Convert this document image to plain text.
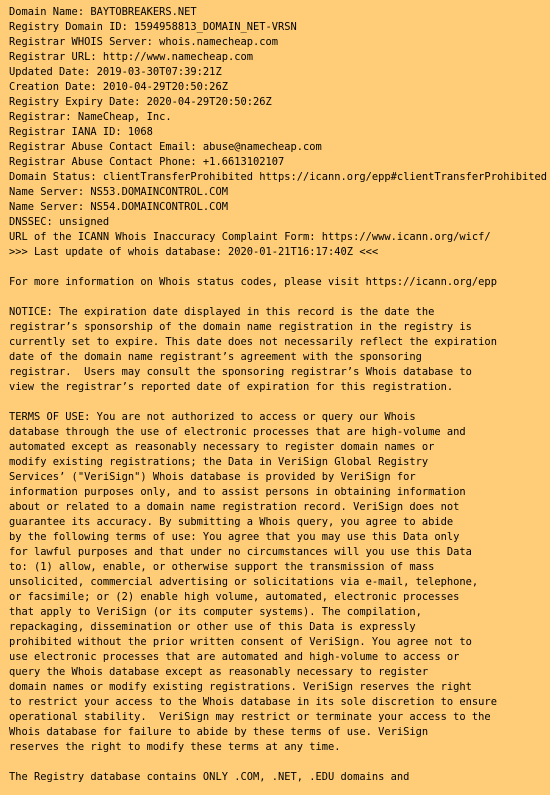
Domain Name: BAYTOBREAKERS.NET
Registry Domain ID: 1594958813_DOMAIN_NET-VRSN
Registrar WHOIS Server: whois.namecheap.com
Registrar URL: http://www.namecheap.com
Updated Date: 2019-03-30T07:39:21Z
Creation Date: 2010-04-29T20:50:26Z
Registry Expiry Date: 2020-04-29T20:50:26Z
Registrar: NameCheap, Inc.
Registrar IANA ID: 1068
Registrar Abuse Contact Email: abuse@namecheap.com
Registrar Abuse Contact Phone: +1.6613102107
Domain Status: clientTransferProhibited https://icann.org/epp#clientTransferProhibited
Name Server: NS53.DOMAINCONTROL.COM
Name Server: NS54.DOMAINCONTROL.COM
DNSSEC: unsigned
URL of the ICANN Whois Inaccuracy Complaint Form: https://www.icann.org/wicf/
>>> Last update of whois database: 2020-01-21T16:17:40Z <<<
For more information on Whois status codes, please visit https://icann.org/epp
NOTICE: The expiration date displayed in this record is the date the
registrar’s sponsorship of the domain name registration in the registry is
currently set to expire. This date does not necessarily reflect the expiration
date of the domain name registrant’s agreement with the sponsoring
registrar.  Users may consult the sponsoring registrar’s Whois database to
view the registrar’s reported date of expiration for this registration.
TERMS OF USE: You are not authorized to access or query our Whois
database through the use of electronic processes that are high-volume and
automated except as reasonably necessary to register domain names or
modify existing registrations; the Data in VeriSign Global Registry
Services’ ("VeriSign") Whois database is provided by VeriSign for
information purposes only, and to assist persons in obtaining information
about or related to a domain name registration record. VeriSign does not
guarantee its accuracy. By submitting a Whois query, you agree to abide
by the following terms of use: You agree that you may use this Data only
for lawful purposes and that under no circumstances will you use this Data
to: (1) allow, enable, or otherwise support the transmission of mass
unsolicited, commercial advertising or solicitations via e-mail, telephone,
or facsimile; or (2) enable high volume, automated, electronic processes
that apply to VeriSign (or its computer systems). The compilation,
repackaging, dissemination or other use of this Data is expressly
prohibited without the prior written consent of VeriSign. You agree not to
use electronic processes that are automated and high-volume to access or
query the Whois database except as reasonably necessary to register
domain names or modify existing registrations. VeriSign reserves the right
to restrict your access to the Whois database in its sole discretion to ensure
operational stability.  VeriSign may restrict or terminate your access to the
Whois database for failure to abide by these terms of use. VeriSign
reserves the right to modify these terms at any time.
The Registry database contains ONLY .COM, .NET, .EDU domains and
